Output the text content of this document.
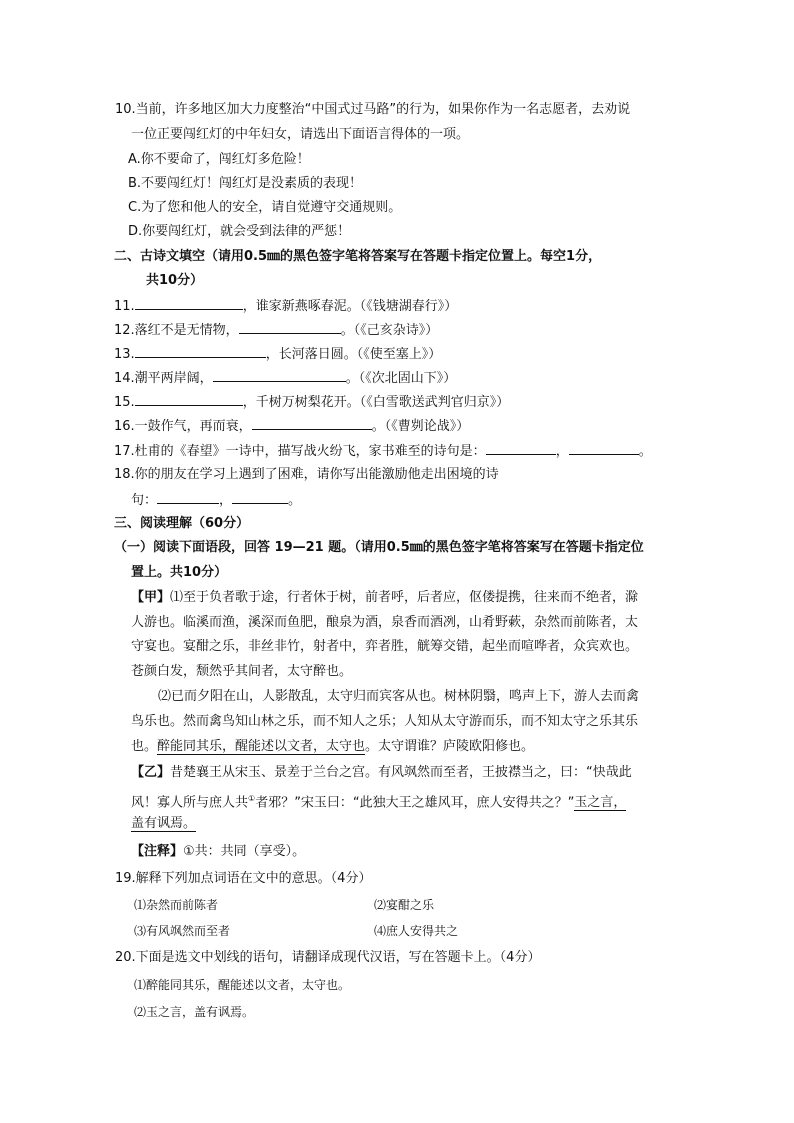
10.当前，许多地区加大力度整治“中国式过马路”的行为，如果你作为一名志愿者，去劝说
一位正要闯红灯的中年妇女，请选出下面语言得体的一项。
A.你不要命了，闯红灯多危险！
B.不要闯红灯！闯红灯是没素质的表现！
C.为了您和他人的安全，请自觉遵守交通规则。
D.你要闯红灯，就会受到法律的严惩！
二、古诗文填空（请用0.5㎜的黑色签字笔将答案写在答题卡指定位置上。每空1分，
共10分）
11.	，谁家新燕啄春泥。（《钱塘湖春行》）
12.落红不是无情物，	。（《己亥杂诗》）
13.	，长河落日圆。（《使至塞上》）
14.潮平两岸阔，	。（《次北固山下》）
15.	，千树万树梨花开。（《白雪歌送武判官归京》）
16.一鼓作气，再而衰，	。（《曹刿论战》）
17.杜甫的《春望》一诗中，描写战火纷飞，家书难至的诗句是：	，	。
18.你的朋友在学习上遇到了困难，请你写出能激励他走出困境的诗
句：	，	。
三、阅读理解（60分）
（一）阅读下面语段，回答 19—21 题。（请用0.5㎜的黑色签字笔将答案写在答题卡指定位
置上。共10分）
【甲】⑴至于负者歌于途，行者休于树，前者呼，后者应，伛偻提携，往来而不绝者，滁
人游也。临溪而渔，溪深而鱼肥，酿泉为酒，泉香而酒冽，山肴野蔌，杂然而前陈者，太
守宴也。宴酣之乐，非丝非竹，射者中，弈者胜，觥筹交错，起坐而喧哗者，众宾欢也。
苍颜白发，颓然乎其间者，太守醉也。
⑵已而夕阳在山，人影散乱，太守归而宾客从也。树林阴翳，鸣声上下，游人去而禽
鸟乐也。然而禽鸟知山林之乐，而不知人之乐；人知从太守游而乐，而不知太守之乐其乐
也。醉能同其乐，醒能述以文者，太守也。太守谓谁？庐陵欧阳修也。
【乙】昔楚襄王从宋玉、景差于兰台之宫。有风飒然而至者，王披襟当之，曰：“快哉此
风！寡人所与庶人共①者邪？”宋玉曰：“此独大王之雄风耳，庶人安得共之？”玉之言，
盖有讽焉。
【注释】①共：共同（享受）。
19.解释下列加点词语在文中的意思。（4分）
⑴杂然而前陈者	⑵宴酣之乐
⑶有风飒然而至者	⑷庶人安得共之
20.下面是选文中划线的语句，请翻译成现代汉语，写在答题卡上。（4分）
⑴醉能同其乐，醒能述以文者，太守也。
⑵玉之言，盖有讽焉。
